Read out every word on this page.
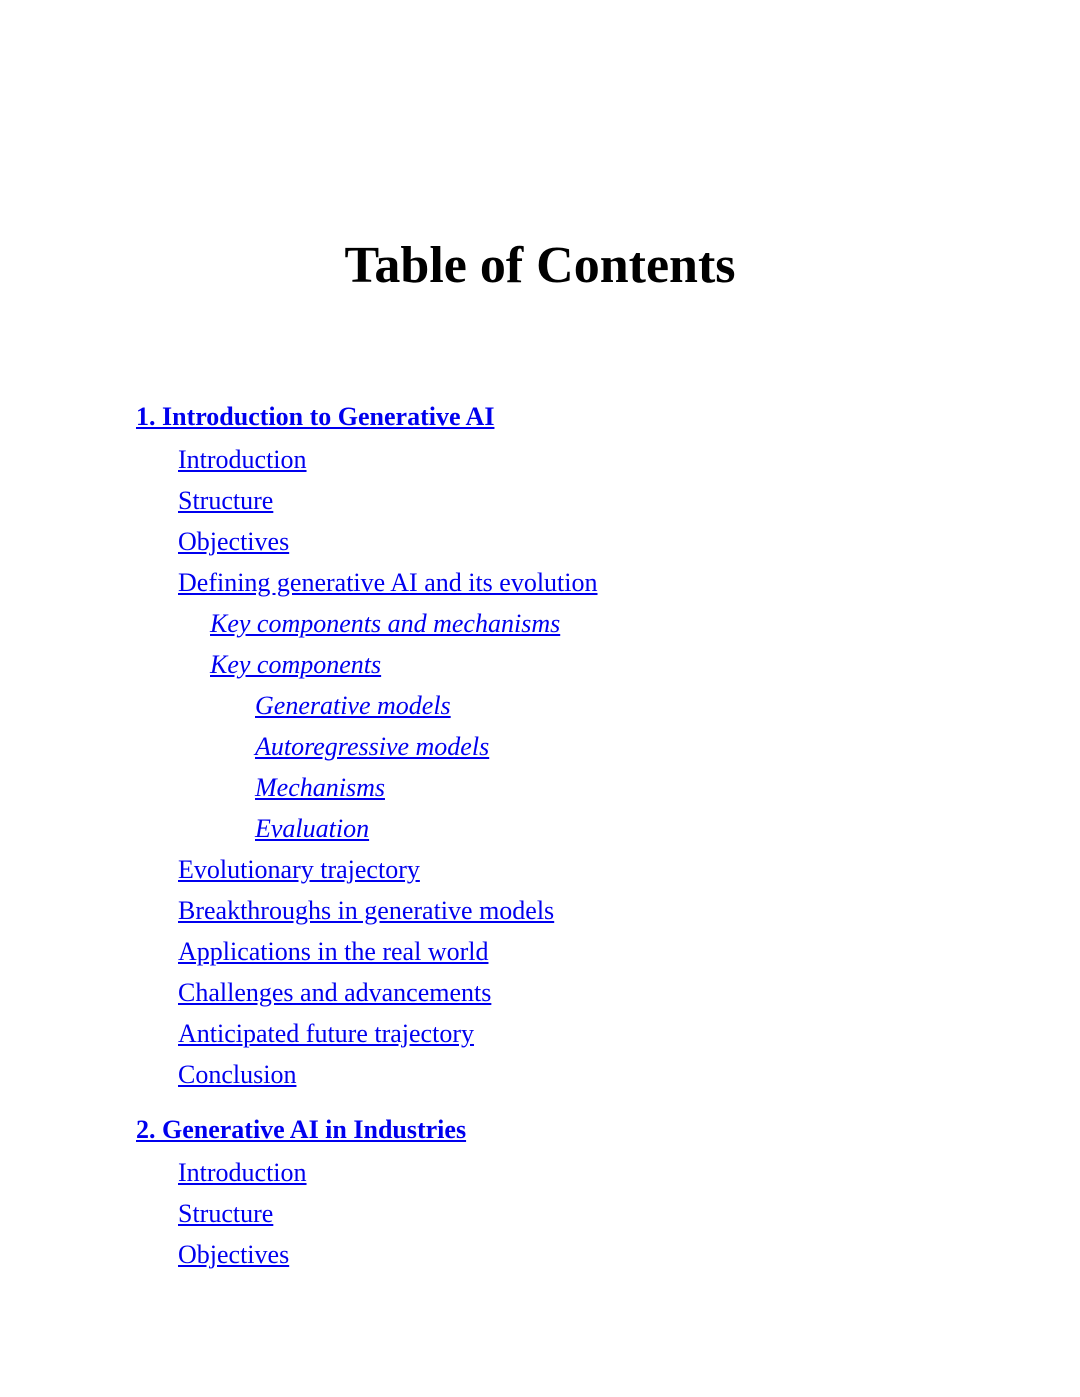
Table of Contents
1. Introduction to Generative AI
Introduction
Structure
Objectives
Defining generative AI and its evolution
Key components and mechanisms
Key components
Generative models
Autoregressive models
Mechanisms
Evaluation
Evolutionary trajectory
Breakthroughs in generative models
Applications in the real world
Challenges and advancements
Anticipated future trajectory
Conclusion
2. Generative AI in Industries
Introduction
Structure
Objectives
